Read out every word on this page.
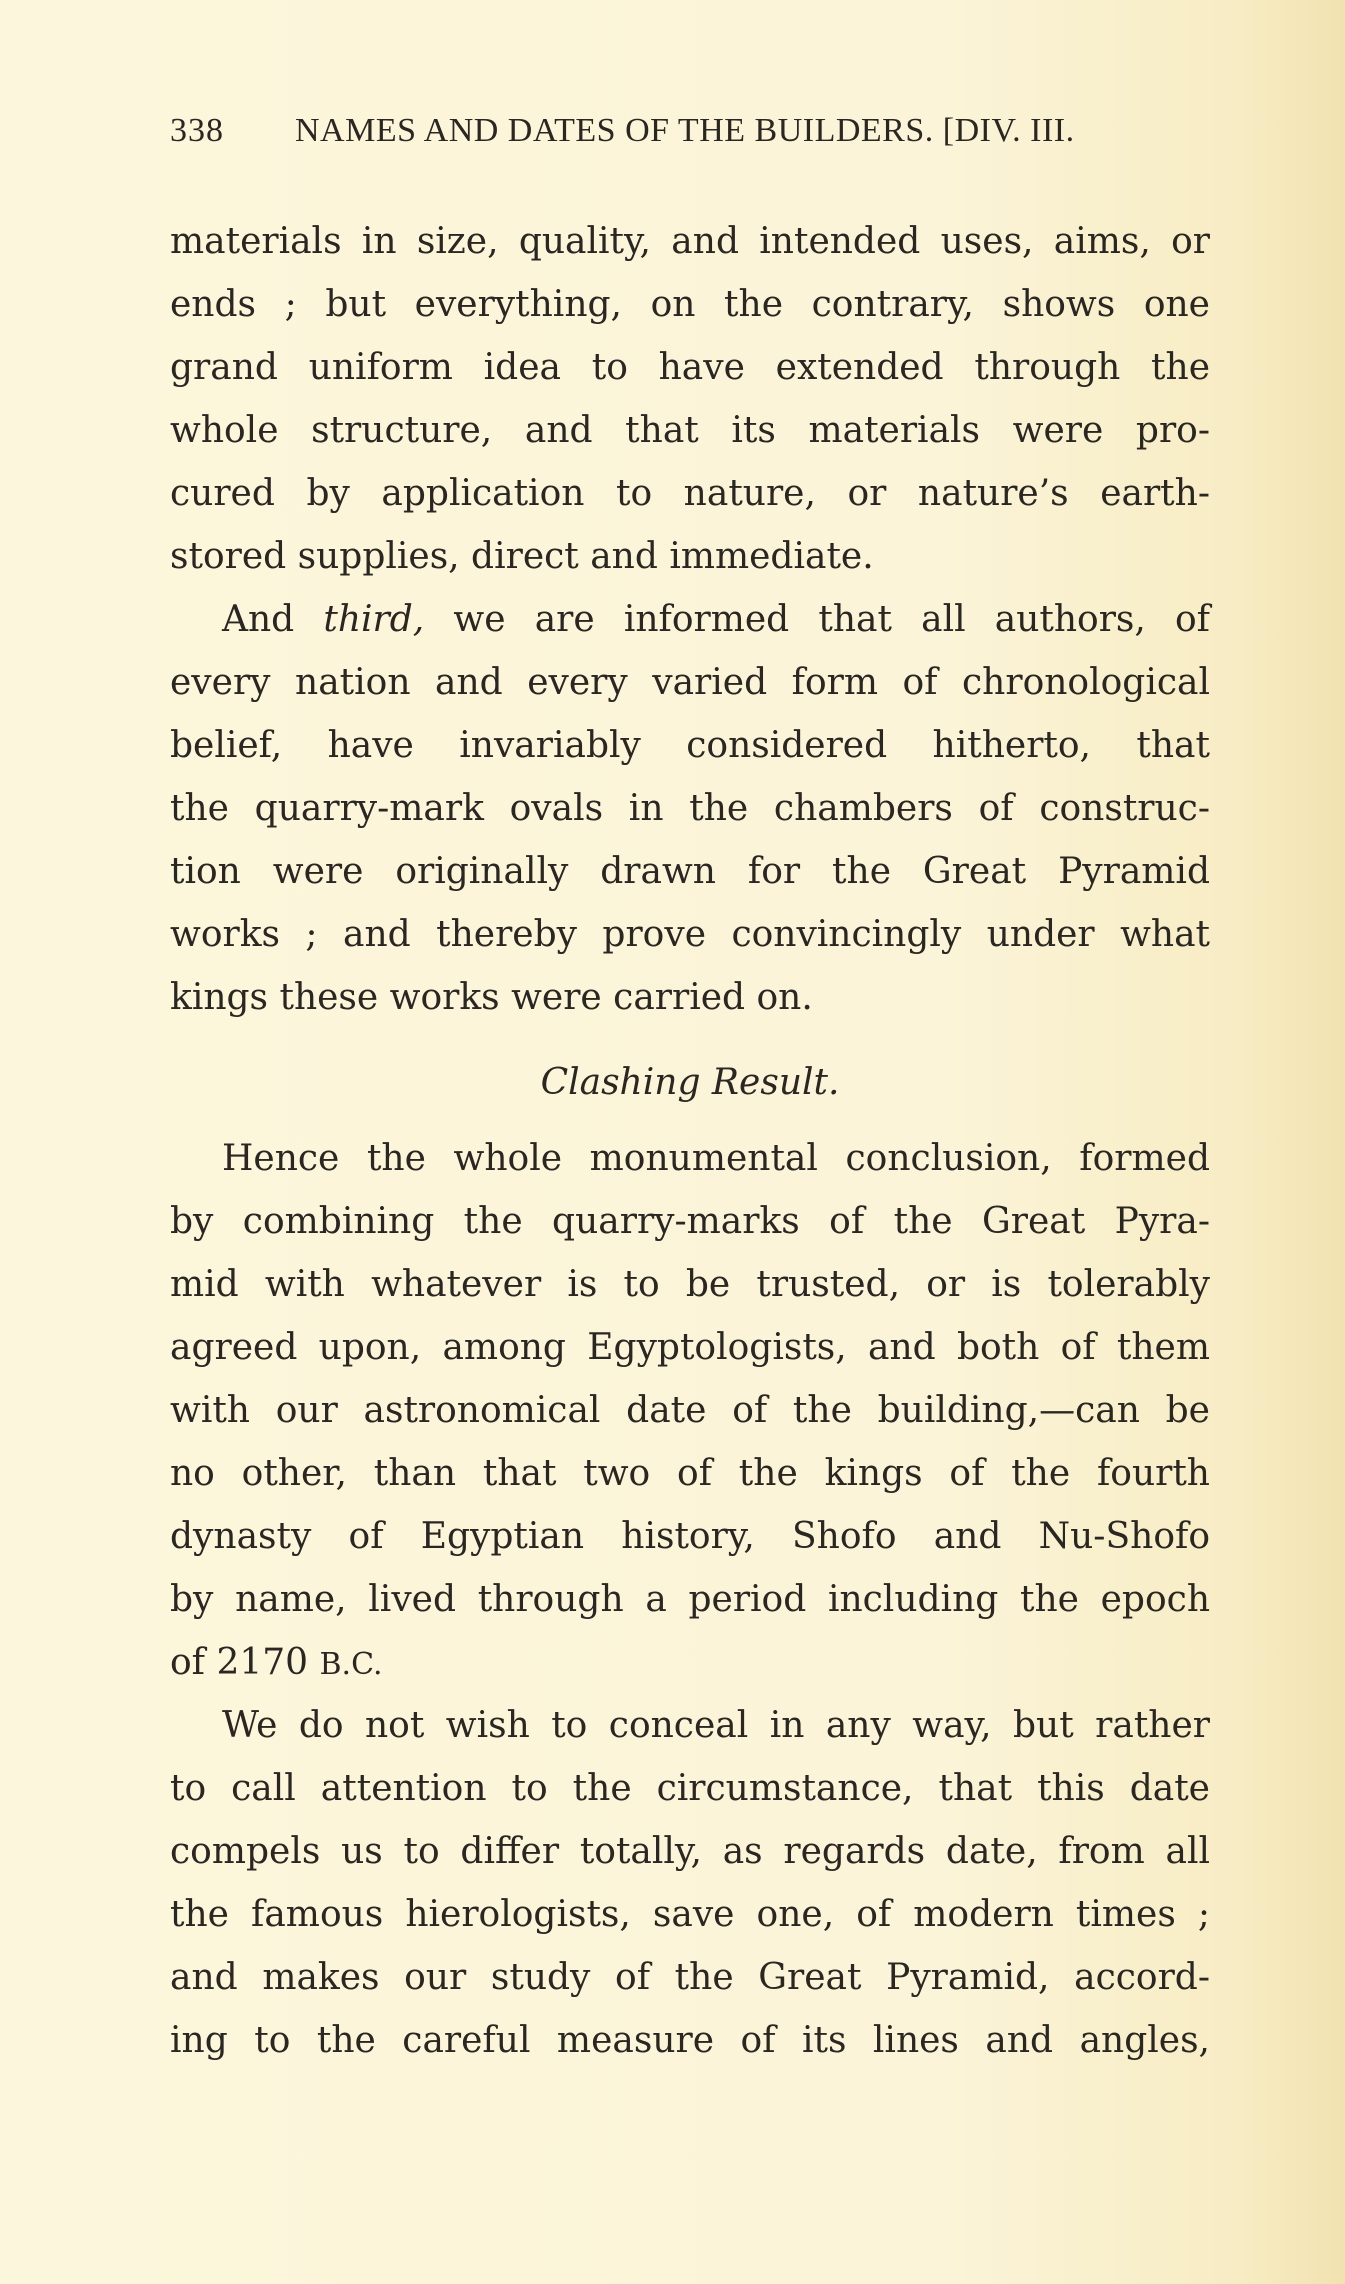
338 NAMES AND DATES OF THE BUILDERS. [DIV. III.
materials in size, quality, and intended uses, aims, or
ends ; but everything, on the contrary, shows one
grand uniform idea to have extended through the
whole structure, and that its materials were pro-
cured by application to nature, or nature’s earth-
stored supplies, direct and immediate.
And third, we are informed that all authors, of
every nation and every varied form of chronological
belief, have invariably considered hitherto, that
the quarry-mark ovals in the chambers of construc-
tion were originally drawn for the Great Pyramid
works ; and thereby prove convincingly under what
kings these works were carried on.
Clashing Result.
Hence the whole monumental conclusion, formed
by combining the quarry-marks of the Great Pyra-
mid with whatever is to be trusted, or is tolerably
agreed upon, among Egyptologists, and both of them
with our astronomical date of the building,—can be
no other, than that two of the kings of the fourth
dynasty of Egyptian history, Shofo and Nu-Shofo
by name, lived through a period including the epoch
of 2170 B.C.
We do not wish to conceal in any way, but rather
to call attention to the circumstance, that this date
compels us to differ totally, as regards date, from all
the famous hierologists, save one, of modern times ;
and makes our study of the Great Pyramid, accord-
ing to the careful measure of its lines and angles,
